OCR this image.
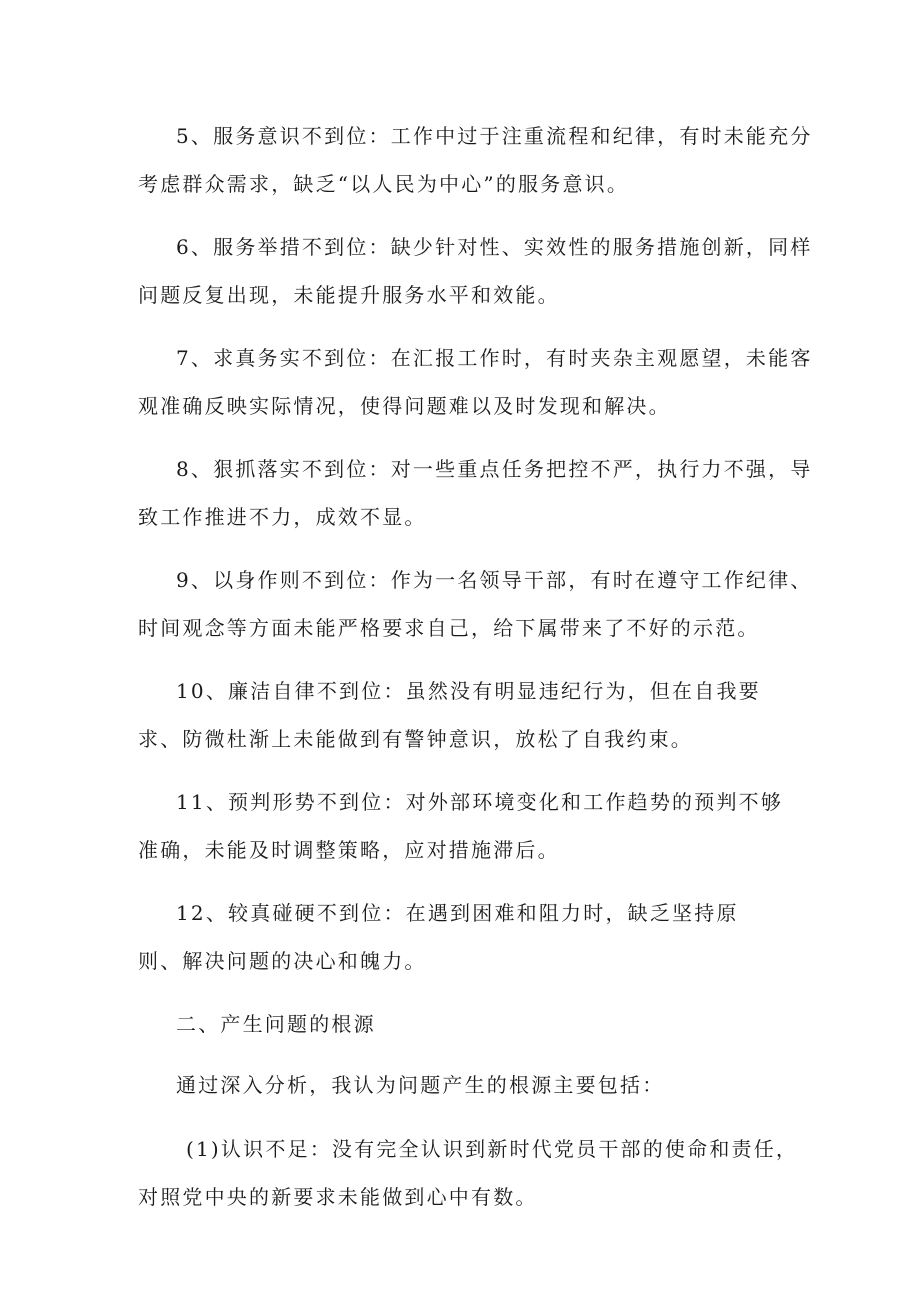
5、服务意识不到位：工作中过于注重流程和纪律，有时未能充分
考虑群众需求，缺乏“以人民为中心”的服务意识。
6、服务举措不到位：缺少针对性、实效性的服务措施创新，同样
问题反复出现，未能提升服务水平和效能。
7、求真务实不到位：在汇报工作时，有时夹杂主观愿望，未能客
观准确反映实际情况，使得问题难以及时发现和解决。
8、狠抓落实不到位：对一些重点任务把控不严，执行力不强，导
致工作推进不力，成效不显。
9、以身作则不到位：作为一名领导干部，有时在遵守工作纪律、
时间观念等方面未能严格要求自己，给下属带来了不好的示范。
10、廉洁自律不到位：虽然没有明显违纪行为，但在自我要
求、防微杜渐上未能做到有警钟意识，放松了自我约束。
11、预判形势不到位：对外部环境变化和工作趋势的预判不够
准确，未能及时调整策略，应对措施滞后。
12、较真碰硬不到位：在遇到困难和阻力时，缺乏坚持原
则、解决问题的决心和魄力。
二、产生问题的根源
通过深入分析，我认为问题产生的根源主要包括：
(1)认识不足：没有完全认识到新时代党员干部的使命和责任，
对照党中央的新要求未能做到心中有数。
